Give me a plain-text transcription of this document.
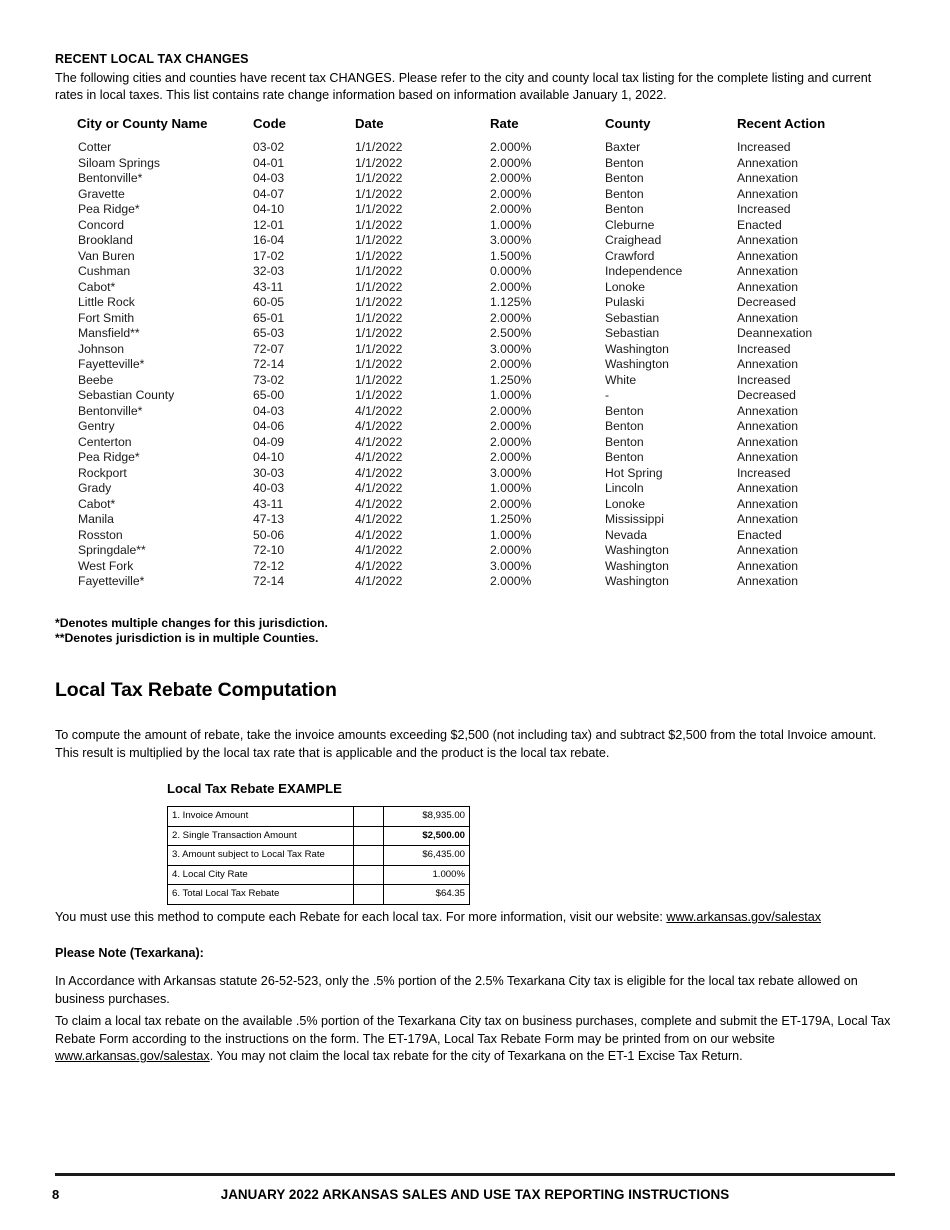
RECENT LOCAL TAX CHANGES
The following cities and counties have recent tax CHANGES. Please refer to the city and county local tax listing for the complete listing and current rates in local taxes. This list contains rate change information based on information available January 1, 2022.
City or County Name	Code	Date	Rate	County	Recent Action
Cotter	03-02	1/1/2022	2.000%	Baxter	Increased
Siloam Springs	04-01	1/1/2022	2.000%	Benton	Annexation
Bentonville*	04-03	1/1/2022	2.000%	Benton	Annexation
Gravette	04-07	1/1/2022	2.000%	Benton	Annexation
Pea Ridge*	04-10	1/1/2022	2.000%	Benton	Increased
Concord	12-01	1/1/2022	1.000%	Cleburne	Enacted
Brookland	16-04	1/1/2022	3.000%	Craighead	Annexation
Van Buren	17-02	1/1/2022	1.500%	Crawford	Annexation
Cushman	32-03	1/1/2022	0.000%	Independence	Annexation
Cabot*	43-11	1/1/2022	2.000%	Lonoke	Annexation
Little Rock	60-05	1/1/2022	1.125%	Pulaski	Decreased
Fort Smith	65-01	1/1/2022	2.000%	Sebastian	Annexation
Mansfield**	65-03	1/1/2022	2.500%	Sebastian	Deannexation
Johnson	72-07	1/1/2022	3.000%	Washington	Increased
Fayetteville*	72-14	1/1/2022	2.000%	Washington	Annexation
Beebe	73-02	1/1/2022	1.250%	White	Increased
Sebastian County	65-00	1/1/2022	1.000%	-	Decreased
Bentonville*	04-03	4/1/2022	2.000%	Benton	Annexation
Gentry	04-06	4/1/2022	2.000%	Benton	Annexation
Centerton	04-09	4/1/2022	2.000%	Benton	Annexation
Pea Ridge*	04-10	4/1/2022	2.000%	Benton	Annexation
Rockport	30-03	4/1/2022	3.000%	Hot Spring	Increased
Grady	40-03	4/1/2022	1.000%	Lincoln	Annexation
Cabot*	43-11	4/1/2022	2.000%	Lonoke	Annexation
Manila	47-13	4/1/2022	1.250%	Mississippi	Annexation
Rosston	50-06	4/1/2022	1.000%	Nevada	Enacted
Springdale**	72-10	4/1/2022	2.000%	Washington	Annexation
West Fork	72-12	4/1/2022	3.000%	Washington	Annexation
Fayetteville*	72-14	4/1/2022	2.000%	Washington	Annexation
*Denotes multiple changes for this jurisdiction.
**Denotes jurisdiction is in multiple Counties.
Local Tax Rebate Computation
To compute the amount of rebate, take the invoice amounts exceeding $2,500 (not including tax) and subtract $2,500 from the total Invoice amount. This result is multiplied by the local tax rate that is applicable and the product is the local tax rebate.
Local Tax Rebate EXAMPLE
1. Invoice Amount		$8,935.00
2. Single Transaction Amount		$2,500.00
3. Amount subject to Local Tax Rate		$6,435.00
4. Local City Rate		1.000%
6. Total Local Tax Rebate		$64.35
You must use this method to compute each Rebate for each local tax. For more information, visit our website: www.arkansas.gov/salestax
Please Note (Texarkana):
In Accordance with Arkansas statute 26-52-523, only the .5% portion of the 2.5% Texarkana City tax is eligible for the local tax rebate allowed on business purchases.
To claim a local tax rebate on the available .5% portion of the Texarkana City tax on business purchases, complete and submit the ET-179A, Local Tax Rebate Form according to the instructions on the form. The ET-179A, Local Tax Rebate Form may be printed from on our website www.arkansas.gov/salestax. You may not claim the local tax rebate for the city of Texarkana on the ET-1 Excise Tax Return.
8	JANUARY 2022 ARKANSAS SALES AND USE TAX REPORTING INSTRUCTIONS
